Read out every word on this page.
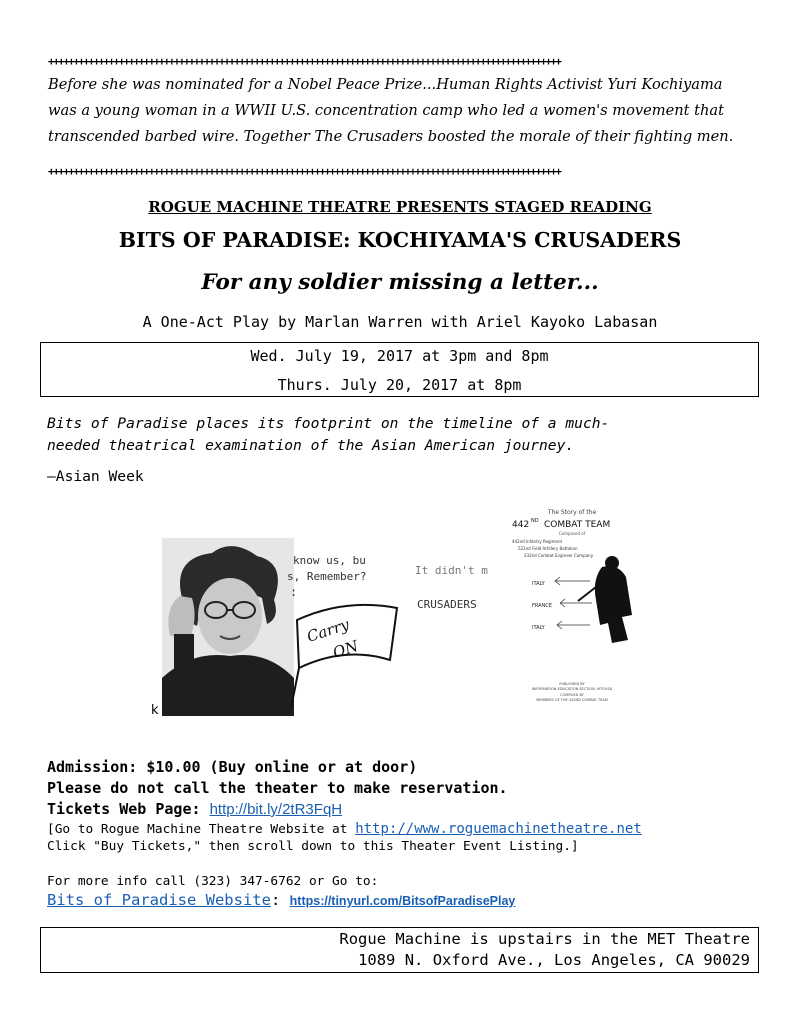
++++++++++++++++++++++++++++++++++++++++++++++++++++++++++++++++++++++++++++++++++++++++++++++++++++++
Before she was nominated for a Nobel Peace Prize...Human Rights Activist Yuri Kochiyama
was a young woman in a WWII U.S. concentration camp who led a women's movement that
transcended barbed wire. Together The Crusaders boosted the morale of their fighting men.
++++++++++++++++++++++++++++++++++++++++++++++++++++++++++++++++++++++++++++++++++++++++++++++++++++++
ROGUE MACHINE THEATRE PRESENTS STAGED READING
BITS OF PARADISE: KOCHIYAMA'S CRUSADERS
For any soldier missing a letter...
A One-Act Play by Marlan Warren with Ariel Kayoko Labasan
Wed. July 19, 2017 at 3pm and 8pm
Thurs. July 20, 2017 at 8pm
Bits of Paradise places its footprint on the timeline of a much-
needed theatrical examination of the Asian American journey.
—Asian Week
k
know us, bu
s, Remember?
:
It didn't m
CRUSADERS
Carry
ON
The Story of the
442 ND COMBAT TEAM
Composed of
442nd Infantry Regiment
522nd Field Artillery Battalion
232nd Combat Engineer Company
ITALY
FRANCE
ITALY
PUBLISHED BY
INFORMATION-EDUCATION SECTION, MTOUSA
COMPILED BY
MEMBERS OF THE 442ND COMBAT TEAM
Admission: $10.00 (Buy online or at door)
Please do not call the theater to make reservation.
Tickets Web Page: http://bit.ly/2tR3FqH
[Go to Rogue Machine Theatre Website at http://www.roguemachinetheatre.net
Click "Buy Tickets," then scroll down to this Theater Event Listing.]
For more info call (323) 347-6762 or Go to:
Bits of Paradise Website: https://tinyurl.com/BitsofParadisePlay
Rogue Machine is upstairs in the MET Theatre
1089 N. Oxford Ave., Los Angeles, CA 90029
